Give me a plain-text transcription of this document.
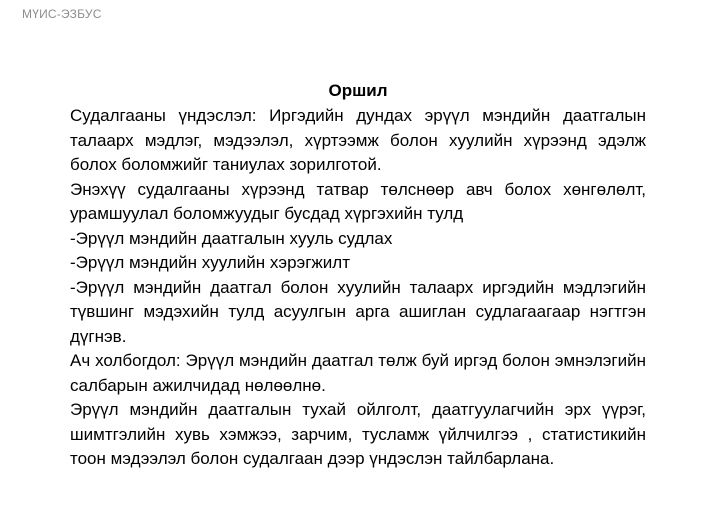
МҮИС-ЭЗБУС
Оршил

Судалгааны үндэслэл: Иргэдийн дундах эрүүл мэндийн даатгалын талаарх мэдлэг, мэдээлэл, хүртээмж болон хуулийн хүрээнд эдэлж болох боломжийг таниулах зорилготой.

Энэхүү судалгааны хүрээнд татвар төлснөөр авч болох хөнгөлөлт, урамшуулал боломжуудыг бусдад хүргэхийн тулд

-Эрүүл мэндийн даатгалын хууль судлах

-Эрүүл мэндийн хуулийн хэрэгжилт

-Эрүүл мэндийн даатгал болон хуулийн талаарх иргэдийн мэдлэгийн түвшинг мэдэхийн тулд асуулгын арга ашиглан судлагаагаар нэгтгэн дүгнэв.

Ач холбогдол: Эрүүл мэндийн даатгал төлж буй иргэд болон эмнэлэгийн салбарын ажилчидад нөлөөлнө.

Эрүүл мэндийн даатгалын тухай ойлголт, даатгуулагчийн эрх үүрэг, шимтгэлийн хувь хэмжээ, зарчим, тусламж үйлчилгээ , статистикийн тоон мэдээлэл болон судалгаан дээр үндэслэн тайлбарлана.
